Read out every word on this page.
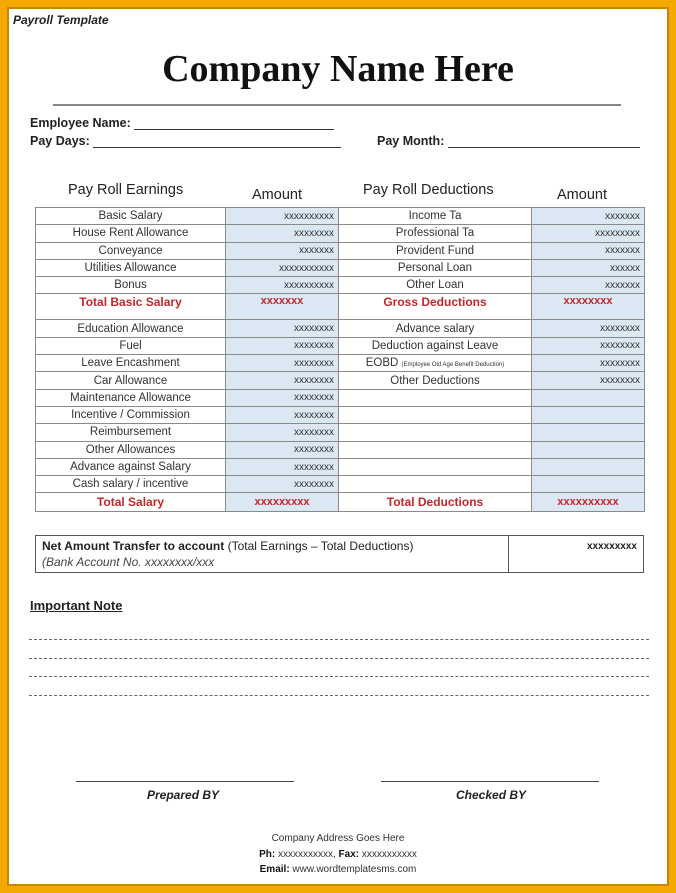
Payroll Template
Company Name Here
Employee Name:
Pay Days:	Pay Month:
Pay Roll Earnings	Amount	Pay Roll Deductions	Amount
Basic Salary	xxxxxxxxxx	Income Ta	xxxxxxx
House Rent Allowance	xxxxxxxx	Professional Ta	xxxxxxxxx
Conveyance	xxxxxxx	Provident Fund	xxxxxxx
Utilities Allowance	xxxxxxxxxxx	Personal Loan	xxxxxx
Bonus	xxxxxxxxxx	Other Loan	xxxxxxx
Total Basic Salary	xxxxxxx	Gross Deductions	xxxxxxxx
Education Allowance	xxxxxxxx	Advance salary	xxxxxxxx
Fuel	xxxxxxxx	Deduction against Leave	xxxxxxxx
Leave Encashment	xxxxxxxx	EOBD (Employee Old Age Benefit Deduction)	xxxxxxxx
Car Allowance	xxxxxxxx	Other Deductions	xxxxxxxx
Maintenance Allowance	xxxxxxxx		
Incentive / Commission	xxxxxxxx		
Reimbursement	xxxxxxxx		
Other Allowances	xxxxxxxx		
Advance against Salary	xxxxxxxx		
Cash salary / incentive	xxxxxxxx		
Total Salary	xxxxxxxxx	Total Deductions	xxxxxxxxxx
Net Amount Transfer to account (Total Earnings – Total Deductions)
(Bank Account No. xxxxxxxx/xxx
xxxxxxxxx
Important Note
Prepared BY	Checked BY
Company Address Goes Here
Ph: xxxxxxxxxxx, Fax: xxxxxxxxxxx
Email: www.wordtemplatesms.com
